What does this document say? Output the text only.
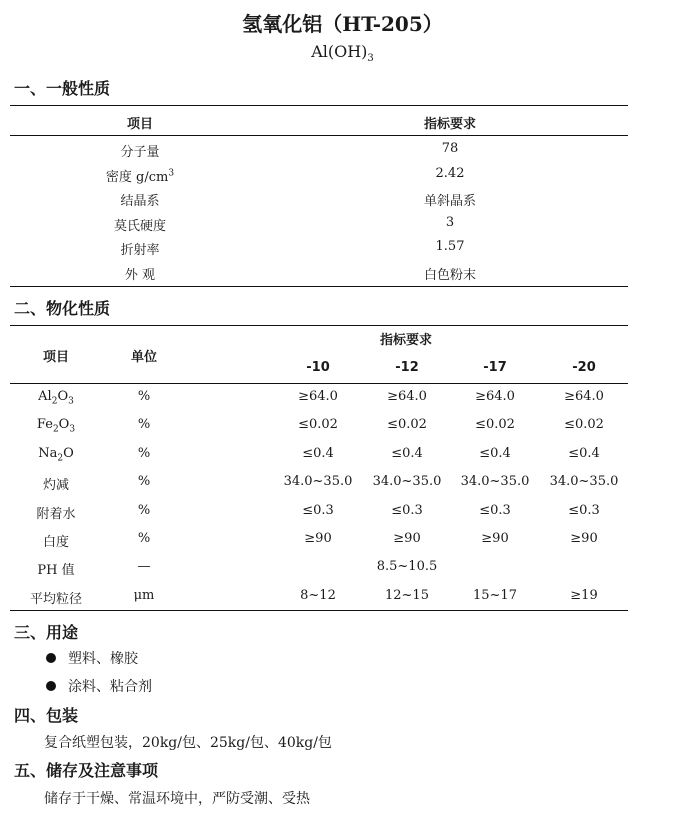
氢氧化铝（HT-205）
$Al(OH)_3$
一、一般性质
项目	指标要求
分子量	78
密度 $g/cm^3$	2.42
结晶系	单斜晶系
莫氏硬度	3
折射率	1.57
外 观	白色粉末
二、物化性质
项目	单位
指标要求
-10	-12	-17	-20
$Al_2O_3$	%	≥64.0	≥64.0	≥64.0	≥64.0
$Fe_2O_3$	%	≤0.02	≤0.02	≤0.02	≤0.02
$Na_2O$	%	≤0.4	≤0.4	≤0.4	≤0.4
灼减	%	34.0~35.0	34.0~35.0	34.0~35.0	34.0~35.0
附着水	%	≤0.3	≤0.3	≤0.3	≤0.3
白度	%	≥90	≥90	≥90	≥90
PH 值	—	8.5~10.5
平均粒径	μm	8~12	12~15	15~17	≥19
三、用途
塑料、橡胶
涂料、粘合剂
四、包装
复合纸塑包装，20kg/包、25kg/包、40kg/包
五、储存及注意事项
储存于干燥、常温环境中，严防受潮、受热
